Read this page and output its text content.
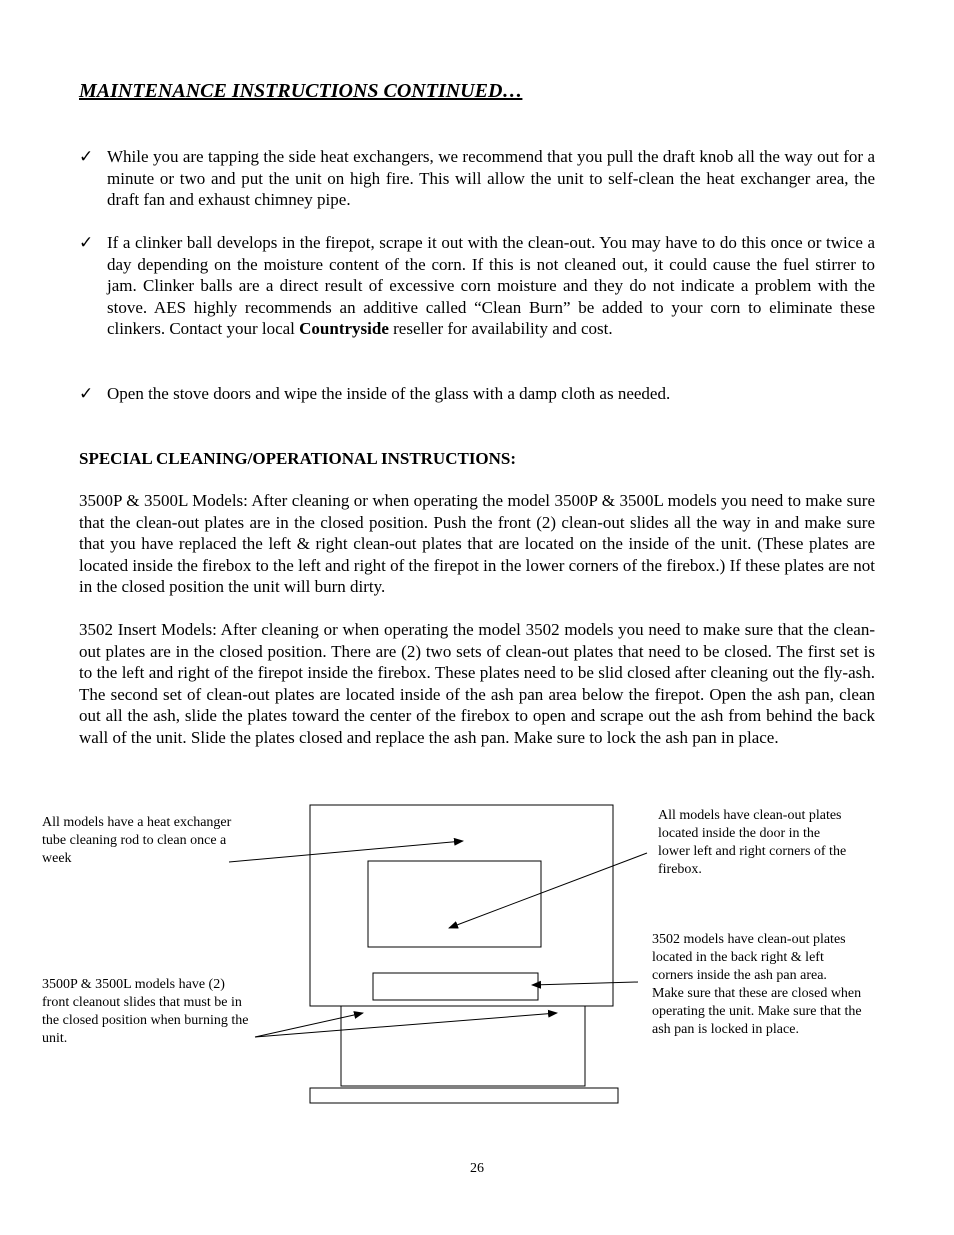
MAINTENANCE INSTRUCTIONS CONTINUED…
✓ While you are tapping the side heat exchangers, we recommend that you pull the draft knob all the way out for a minute or two and put the unit on high fire. This will allow the unit to self-clean the heat exchanger area, the draft fan and exhaust chimney pipe.
✓ If a clinker ball develops in the firepot, scrape it out with the clean-out. You may have to do this once or twice a day depending on the moisture content of the corn. If this is not cleaned out, it could cause the fuel stirrer to jam. Clinker balls are a direct result of excessive corn moisture and they do not indicate a problem with the stove. AES highly recommends an additive called “Clean Burn” be added to your corn to eliminate these clinkers. Contact your local Countryside reseller for availability and cost.
✓ Open the stove doors and wipe the inside of the glass with a damp cloth as needed.
SPECIAL CLEANING/OPERATIONAL INSTRUCTIONS:
3500P & 3500L Models: After cleaning or when operating the model 3500P & 3500L models you need to make sure that the clean-out plates are in the closed position. Push the front (2) clean-out slides all the way in and make sure that you have replaced the left & right clean-out plates that are located on the inside of the unit. (These plates are located inside the firebox to the left and right of the firepot in the lower corners of the firebox.) If these plates are not in the closed position the unit will burn dirty.
3502 Insert Models: After cleaning or when operating the model 3502 models you need to make sure that the clean-out plates are in the closed position. There are (2) two sets of clean-out plates that need to be closed. The first set is to the left and right of the firepot inside the firebox. These plates need to be slid closed after cleaning out the fly-ash. The second set of clean-out plates are located inside of the ash pan area below the firepot. Open the ash pan, clean out all the ash, slide the plates toward the center of the firebox to open and scrape out the ash from behind the back wall of the unit. Slide the plates closed and replace the ash pan. Make sure to lock the ash pan in place.
All models have a heat exchanger tube cleaning rod to clean once a week
All models have clean-out plates located inside the door in the lower left and right corners of the firebox.
3500P & 3500L models have (2) front cleanout slides that must be in the closed position when burning the unit.
3502 models have clean-out plates located in the back right & left corners inside the ash pan area. Make sure that these are closed when operating the unit. Make sure that the ash pan is locked in place.
26
